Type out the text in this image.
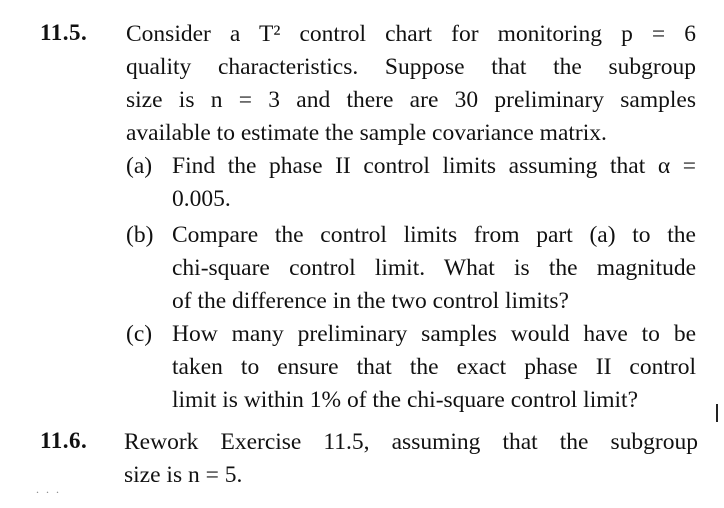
11.5. Consider a T² control chart for monitoring p = 6
quality characteristics. Suppose that the subgroup
size is n = 3 and there are 30 preliminary samples
available to estimate the sample covariance matrix.
(a) Find the phase II control limits assuming that α =
0.005.
(b) Compare the control limits from part (a) to the
chi-square control limit. What is the magnitude
of the difference in the two control limits?
(c) How many preliminary samples would have to be
taken to ensure that the exact phase II control
limit is within 1% of the chi-square control limit?
11.6. Rework Exercise 11.5, assuming that the subgroup
size is n = 5.
. . .
